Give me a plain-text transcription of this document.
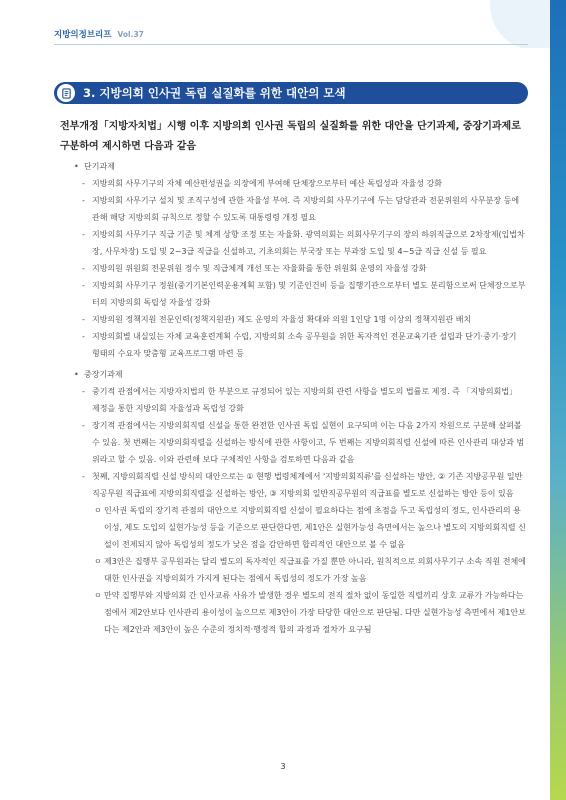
지방의정브리프 Vol.37
3. 지방의회 인사권 독립 실질화를 위한 대안의 모색
전부개정「지방자치법」시행 이후 지방의회 인사권 독립의 실질화를 위한 대안을 단기과제, 중장기과제로 구분하여 제시하면 다음과 같음
• 단기과제
- 지방의회 사무기구의 자체 예산편성권을 의장에게 부여해 단체장으로부터 예산 독립성과 자율성 강화
- 지방의회 사무기구 설치 및 조직구성에 관한 자율성 부여. 즉 지방의회 사무기구에 두는 담당관과 전문위원의 사무분장 등에 관해 해당 지방의회 규칙으로 정할 수 있도록 대통령령 개정 필요
- 지방의회 사무기구 직급 기준 및 체계 상향 조정 또는 자율화. 광역의회는 의회사무기구의 장의 하위직급으로 2차장제(입법차장, 사무차장) 도입 및 2~3급 직급을 신설하고, 기초의회는 부국장 또는 부과장 도입 및 4~5급 직급 신설 등 필요
- 지방의원 위원회 전문위원 정수 및 직급체계 개선 또는 자율화를 통한 위원회 운영의 자율성 강화
- 지방의회 사무기구 정원(중기기본인력운용계획 포함) 및 기준인건비 등을 집행기관으로부터 별도 분리함으로써 단체장으로부터의 지방의회 독립성 자율성 강화
- 지방의원 정책지원 전문인력(정책지원관) 제도 운영의 자율성 확대와 의원 1인당 1명 이상의 정책지원관 배치
- 지방의회별 내실있는 자체 교육훈련계획 수립, 지방의회 소속 공무원을 위한 독자적인 전문교육기관 설립과 단기·중기·장기 형태의 수요자 맞춤형 교육프로그램 마련 등
• 중장기과제
- 중기적 관점에서는 지방자치법의 한 부분으로 규정되어 있는 지방의회 관련 사항을 별도의 법률로 제정. 즉 「지방의회법」 제정을 통한 지방의회 자율성과 독립성 강화
- 장기적 관점에서는 지방의회직렬 신설을 통한 완전한 인사권 독립 실현이 요구되며 이는 다음 2가지 차원으로 구분해 살펴볼 수 있음. 첫 번째는 지방의회직렬을 신설하는 방식에 관한 사항이고, 두 번째는 지방의회직렬 신설에 따른 인사관리 대상과 범위라고 할 수 있음. 이와 관련해 보다 구체적인 사항을 검토하면 다음과 같음
- 첫째, 지방의회직렬 신설 방식의 대안으로는 ① 현행 법령체계에서 '지방의회직류'를 신설하는 방안, ② 기존 지방공무원 일반직공무원 직급표에 지방의회직렬을 신설하는 방안, ③ 지방의회 일반직공무원의 직급표를 별도로 신설하는 방안 등이 있음
ㅇ 인사권 독립의 장기적 관점의 대안으로 지방의회직렬 신설이 필요하다는 점에 초점을 두고 독립성의 정도, 인사관리의 용이성, 제도 도입의 실현가능성 등을 기준으로 판단한다면, 제1안은 실현가능성 측면에서는 높으나 별도의 지방의회직렬 신설이 전제되지 않아 독립성의 정도가 낮은 점을 감안하면 합리적인 대안으로 볼 수 없음
ㅇ 제3안은 집행부 공무원과는 달리 별도의 독자적인 직급표를 가질 뿐만 아니라, 원칙적으로 의회사무기구 소속 직원 전체에 대한 인사권을 지방의회가 가지게 된다는 점에서 독립성의 정도가 가장 높음
ㅇ 만약 집행부와 지방의회 간 인사교류 사유가 발생한 경우 별도의 전직 절차 없이 동일한 직렬끼리 상호 교류가 가능하다는 점에서 제2안보다 인사관리 용이성이 높으므로 제3안이 가장 타당한 대안으로 판단됨. 다만 실현가능성 측면에서 제1안보다는 제2안과 제3안이 높은 수준의 정치적·행정적 합의 과정과 절차가 요구됨
3
